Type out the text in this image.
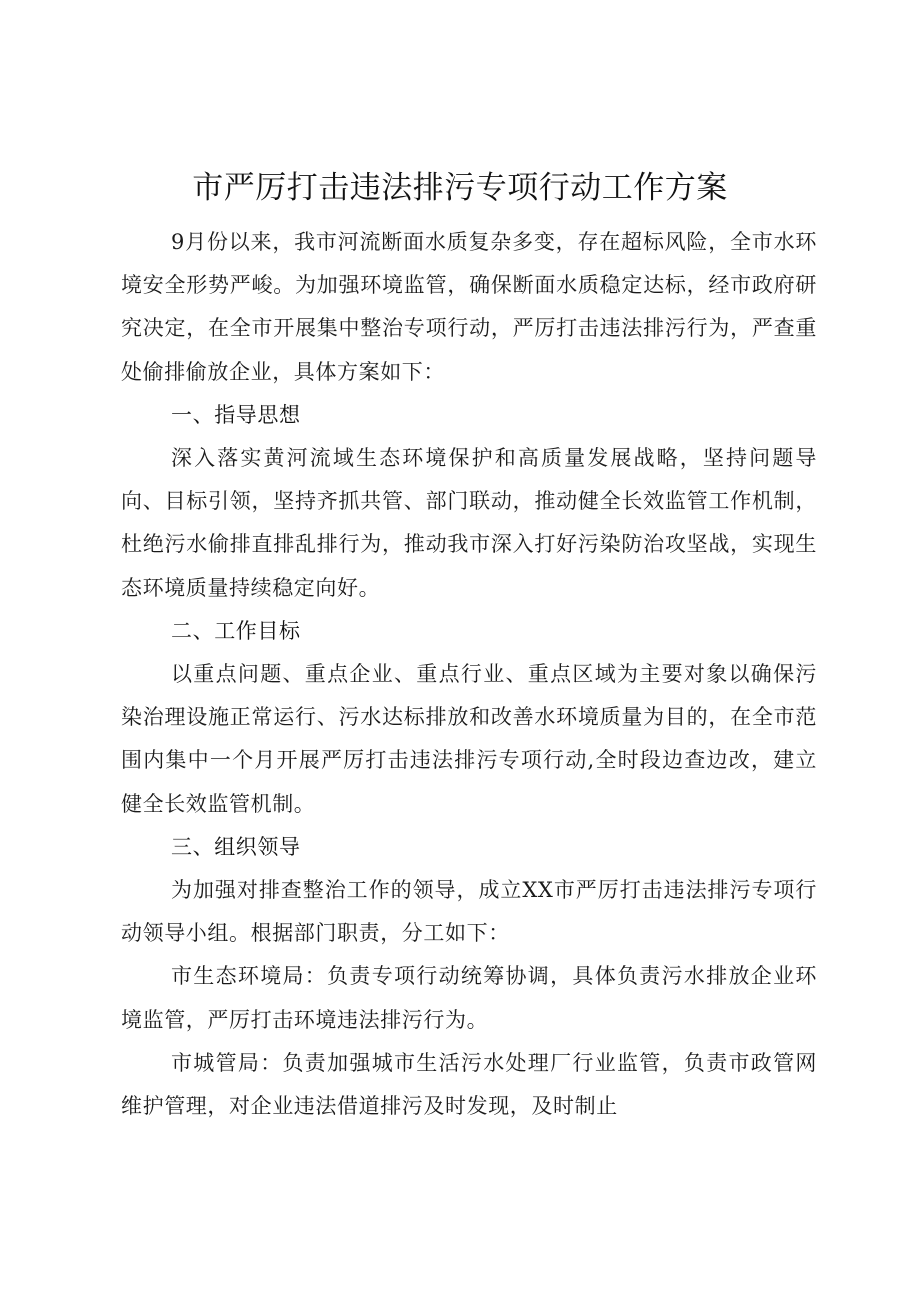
市严厉打击违法排污专项行动工作方案

9月份以来，我市河流断面水质复杂多变，存在超标风险，全市水环境安全形势严峻。为加强环境监管，确保断面水质稳定达标，经市政府研究决定，在全市开展集中整治专项行动，严厉打击违法排污行为，严查重处偷排偷放企业，具体方案如下：

一、指导思想

深入落实黄河流域生态环境保护和高质量发展战略，坚持问题导向、目标引领，坚持齐抓共管、部门联动，推动健全长效监管工作机制，杜绝污水偷排直排乱排行为，推动我市深入打好污染防治攻坚战，实现生态环境质量持续稳定向好。

二、工作目标

以重点问题、重点企业、重点行业、重点区域为主要对象以确保污染治理设施正常运行、污水达标排放和改善水环境质量为目的，在全市范围内集中一个月开展严厉打击违法排污专项行动,全时段边查边改，建立健全长效监管机制。

三、组织领导

为加强对排查整治工作的领导，成立XX市严厉打击违法排污专项行动领导小组。根据部门职责，分工如下：

市生态环境局：负责专项行动统筹协调，具体负责污水排放企业环境监管，严厉打击环境违法排污行为。

市城管局：负责加强城市生活污水处理厂行业监管，负责市政管网维护管理，对企业违法借道排污及时发现，及时制止
